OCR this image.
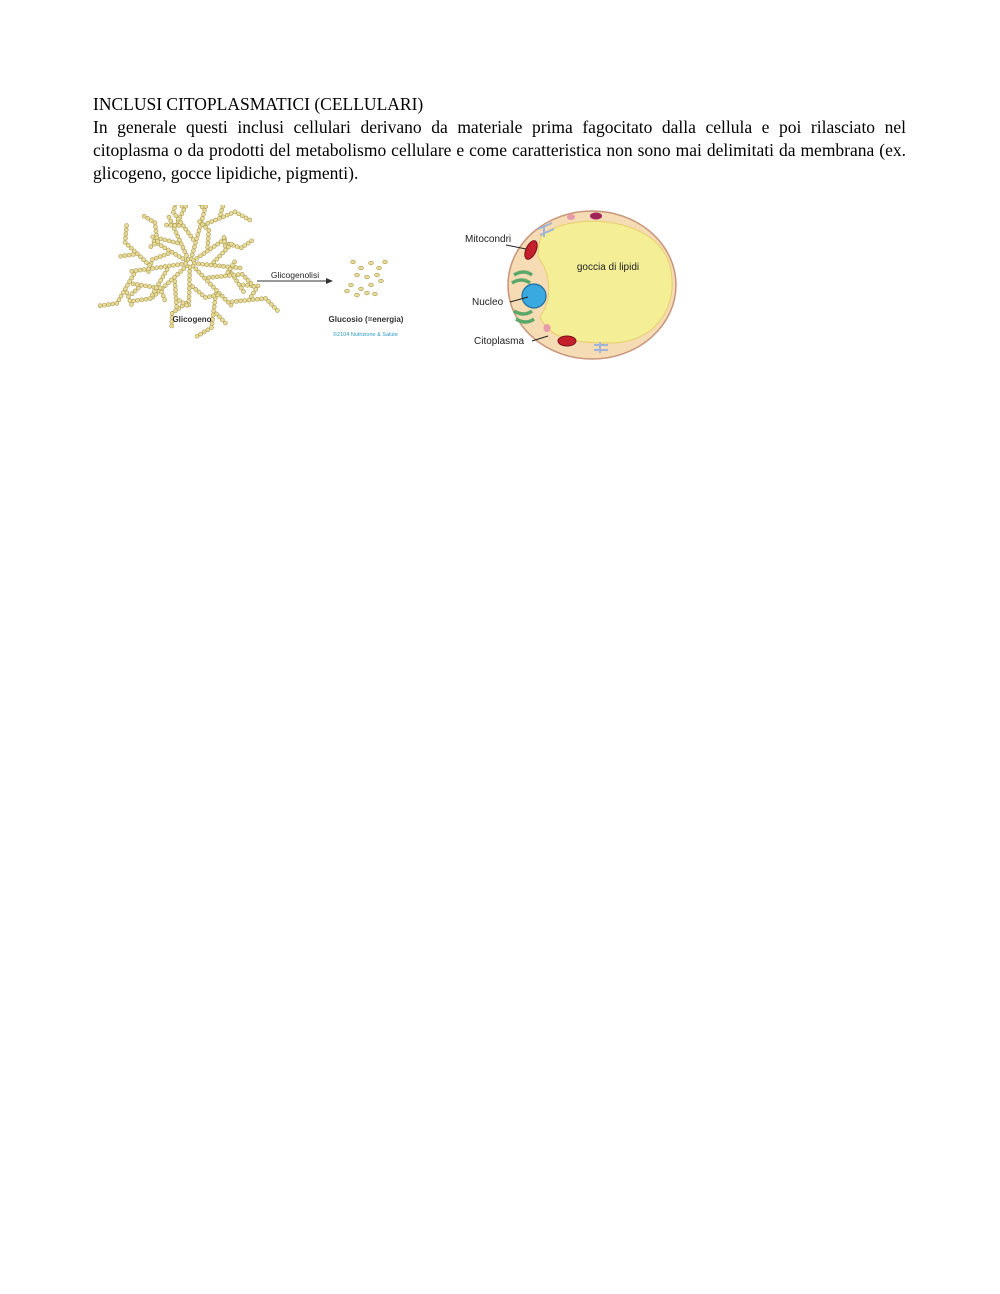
INCLUSI CITOPLASMATICI (CELLULARI)

In generale questi inclusi cellulari derivano da materiale prima fagocitato dalla cellula e poi rilasciato nel citoplasma o da prodotti del metabolismo cellulare e come caratteristica non sono mai delimitati da membrana (ex. glicogeno, gocce lipidiche, pigmenti).

Glicogenolisi
Glicogeno	Glucosio (=energia)
©2104 Nutrizione & Salute
Mitocondri
Nucleo
Citoplasma
goccia di lipidi
